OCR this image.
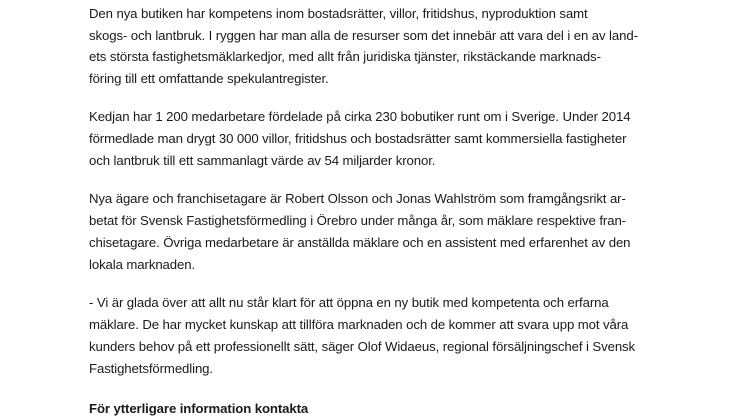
Den nya butiken har kompetens inom bostadsrätter, villor, fritidshus, nyproduktion samt
skogs- och lantbruk. I ryggen har man alla de resurser som det innebär att vara del i en av land-
ets största fastighetsmäklarkedjor, med allt från juridiska tjänster, rikstäckande marknads-
föring till ett omfattande spekulantregister.
Kedjan har 1 200 medarbetare fördelade på cirka 230 bobutiker runt om i Sverige. Under 2014
förmedlade man drygt 30 000 villor, fritidshus och bostadsrätter samt kommersiella fastigheter
och lantbruk till ett sammanlagt värde av 54 miljarder kronor.
Nya ägare och franchisetagare är Robert Olsson och Jonas Wahlström som framgångsrikt ar-
betat för Svensk Fastighetsförmedling i Örebro under många år, som mäklare respektive fran-
chisetagare. Övriga medarbetare är anställda mäklare och en assistent med erfarenhet av den
lokala marknaden.
- Vi är glada över att allt nu står klart för att öppna en ny butik med kompetenta och erfarna
mäklare. De har mycket kunskap att tillföra marknaden och de kommer att svara upp mot våra
kunders behov på ett professionellt sätt, säger Olof Widaeus, regional försäljningschef i Svensk
Fastighetsförmedling.
För ytterligare information kontakta
